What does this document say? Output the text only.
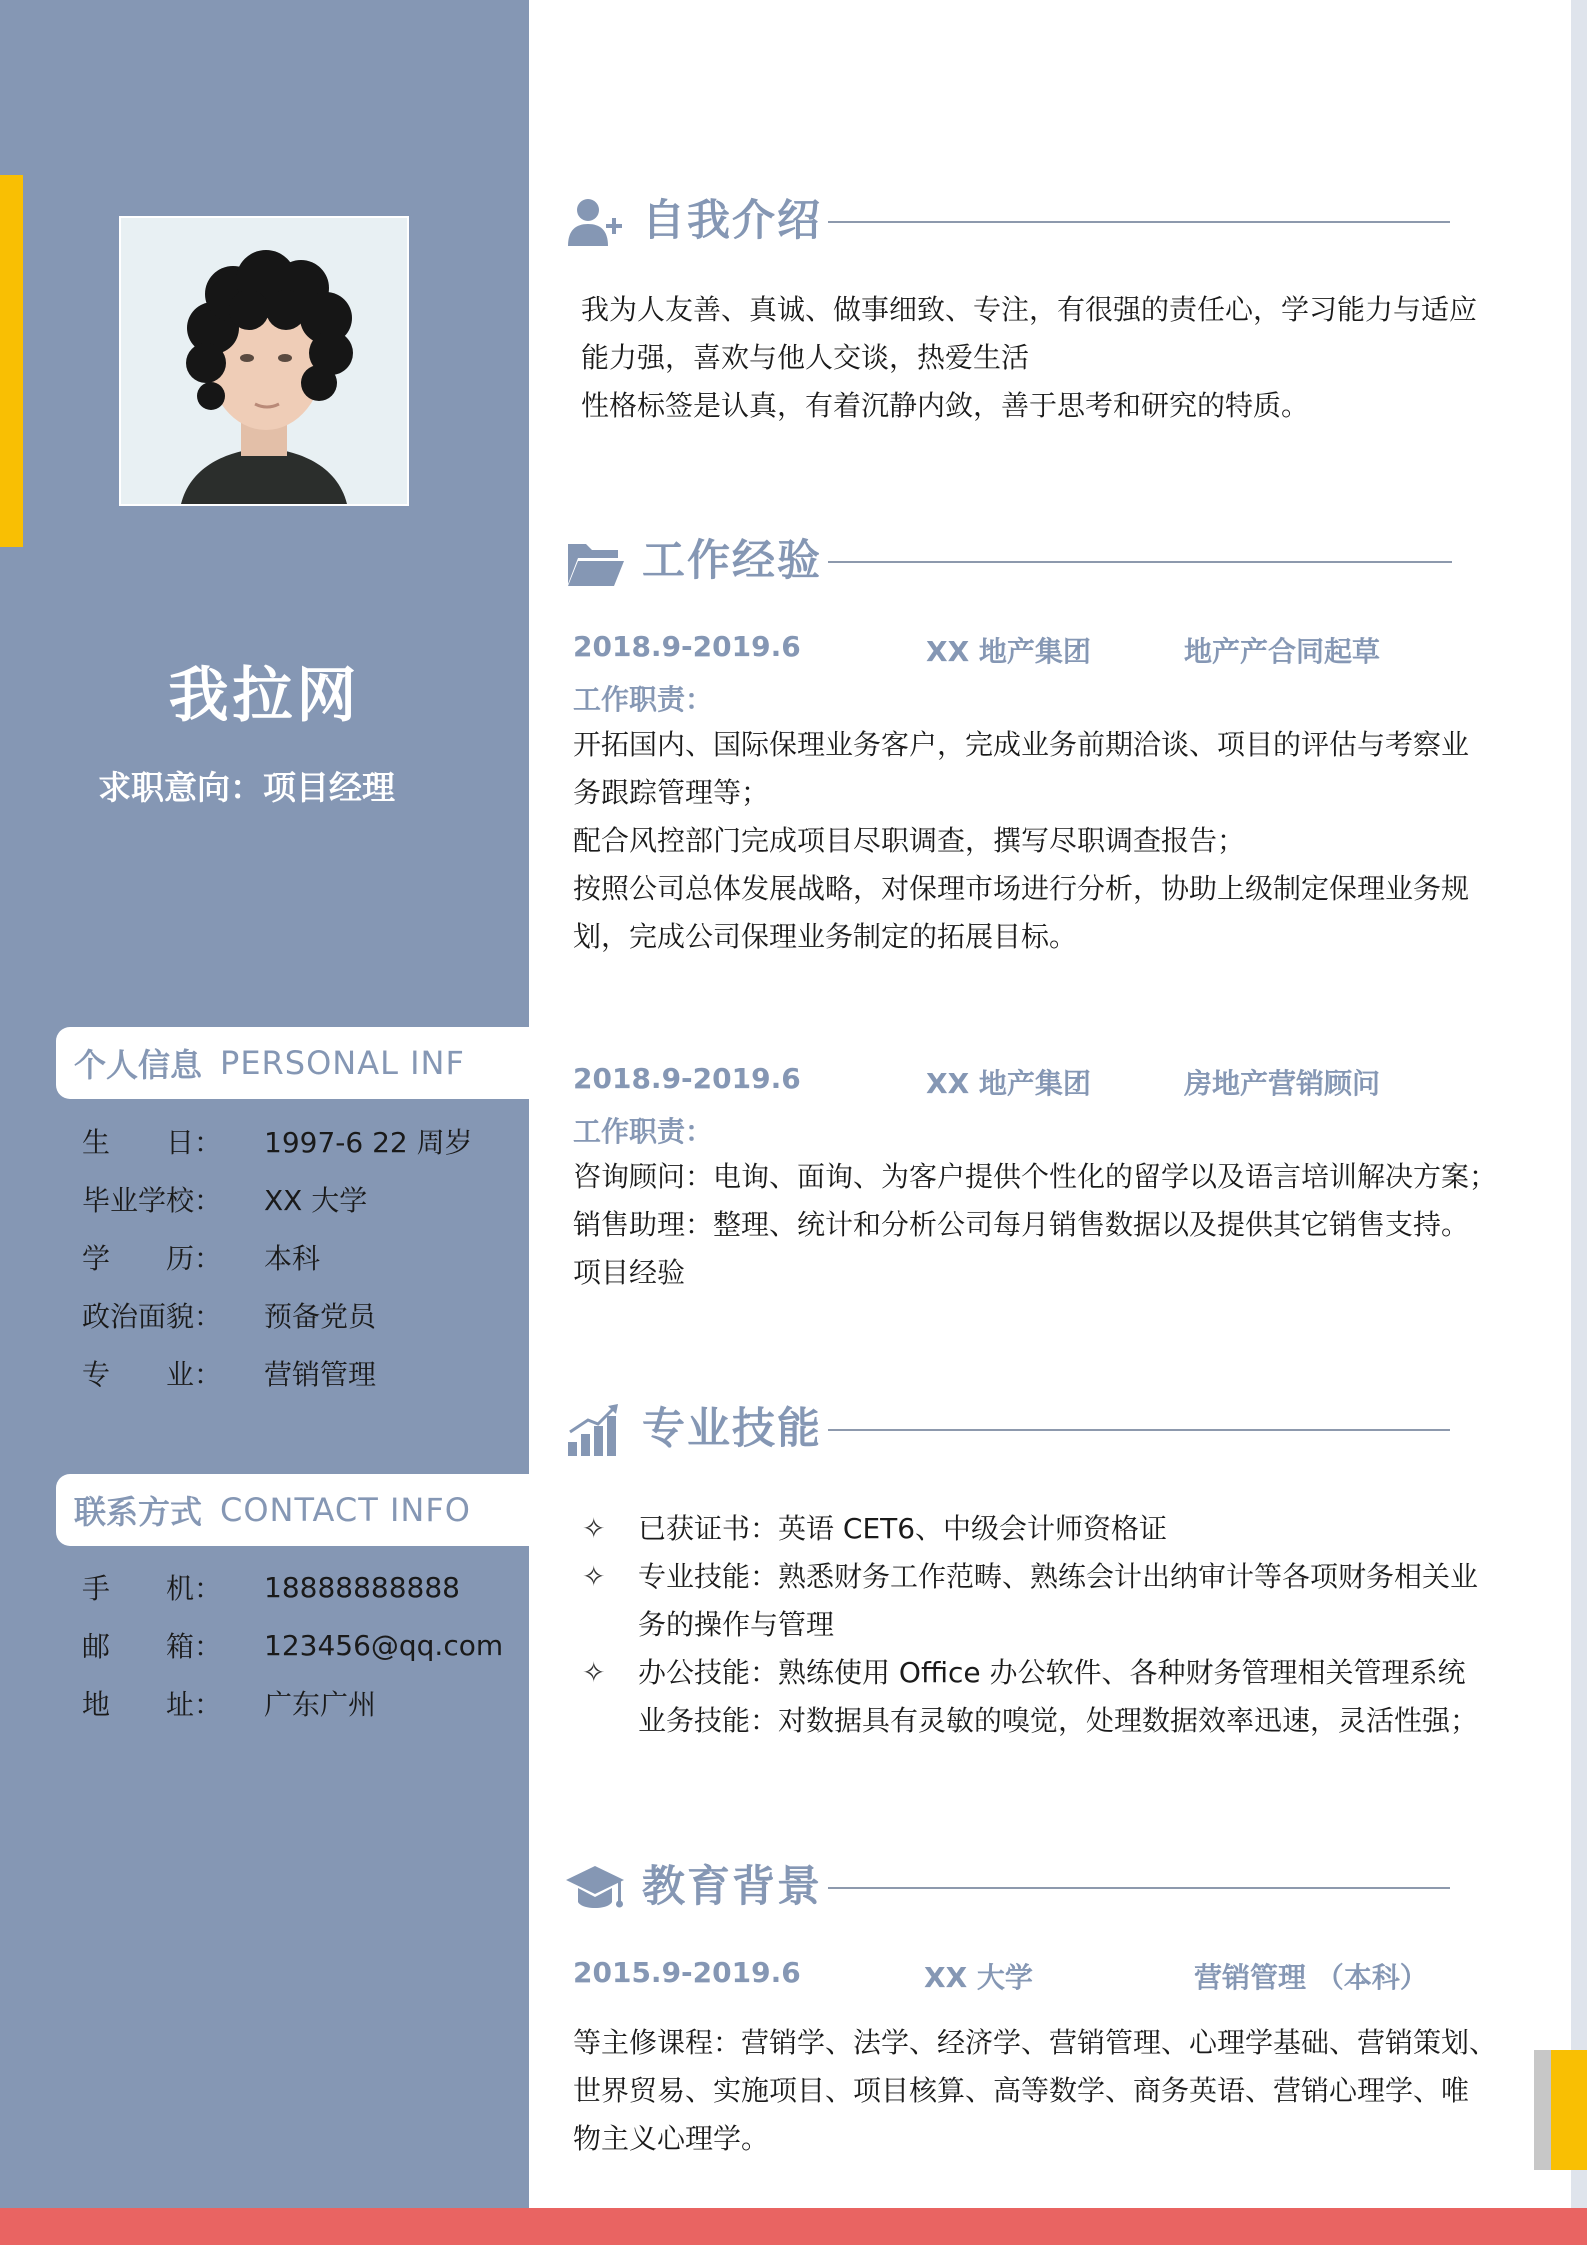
我拉网
求职意向：项目经理
个人信息 PERSONAL INF
生　　日：	1997-6 22 周岁
毕业学校：	XX 大学
学　　历：	本科
政治面貌：	预备党员
专　　业：	营销管理
联系方式 CONTACT INFO
手　　机：	18888888888
邮　　箱：	123456@qq.com
地　　址：	广东广州
自我介绍
我为人友善、真诚、做事细致、专注，有很强的责任心，学习能力与适应
能力强，喜欢与他人交谈，热爱生活
性格标签是认真，有着沉静内敛，善于思考和研究的特质。
工作经验
2018.9-2019.6	XX 地产集团	地产产合同起草
工作职责：
开拓国内、国际保理业务客户，完成业务前期洽谈、项目的评估与考察业
务跟踪管理等；
配合风控部门完成项目尽职调查，撰写尽职调查报告；
按照公司总体发展战略，对保理市场进行分析，协助上级制定保理业务规
划，完成公司保理业务制定的拓展目标。
2018.9-2019.6	XX 地产集团	房地产营销顾问
工作职责：
咨询顾问：电询、面询、为客户提供个性化的留学以及语言培训解决方案；
销售助理：整理、统计和分析公司每月销售数据以及提供其它销售支持。
项目经验
专业技能
✧ 已获证书：英语 CET6、中级会计师资格证
✧ 专业技能：熟悉财务工作范畴、熟练会计出纳审计等各项财务相关业
务的操作与管理
✧ 办公技能：熟练使用 Office 办公软件、各种财务管理相关管理系统
业务技能：对数据具有灵敏的嗅觉，处理数据效率迅速，灵活性强；
教育背景
2015.9-2019.6	XX 大学	营销管理 （本科）
等主修课程：营销学、法学、经济学、营销管理、心理学基础、营销策划、
世界贸易、实施项目、项目核算、高等数学、商务英语、营销心理学、唯
物主义心理学。
